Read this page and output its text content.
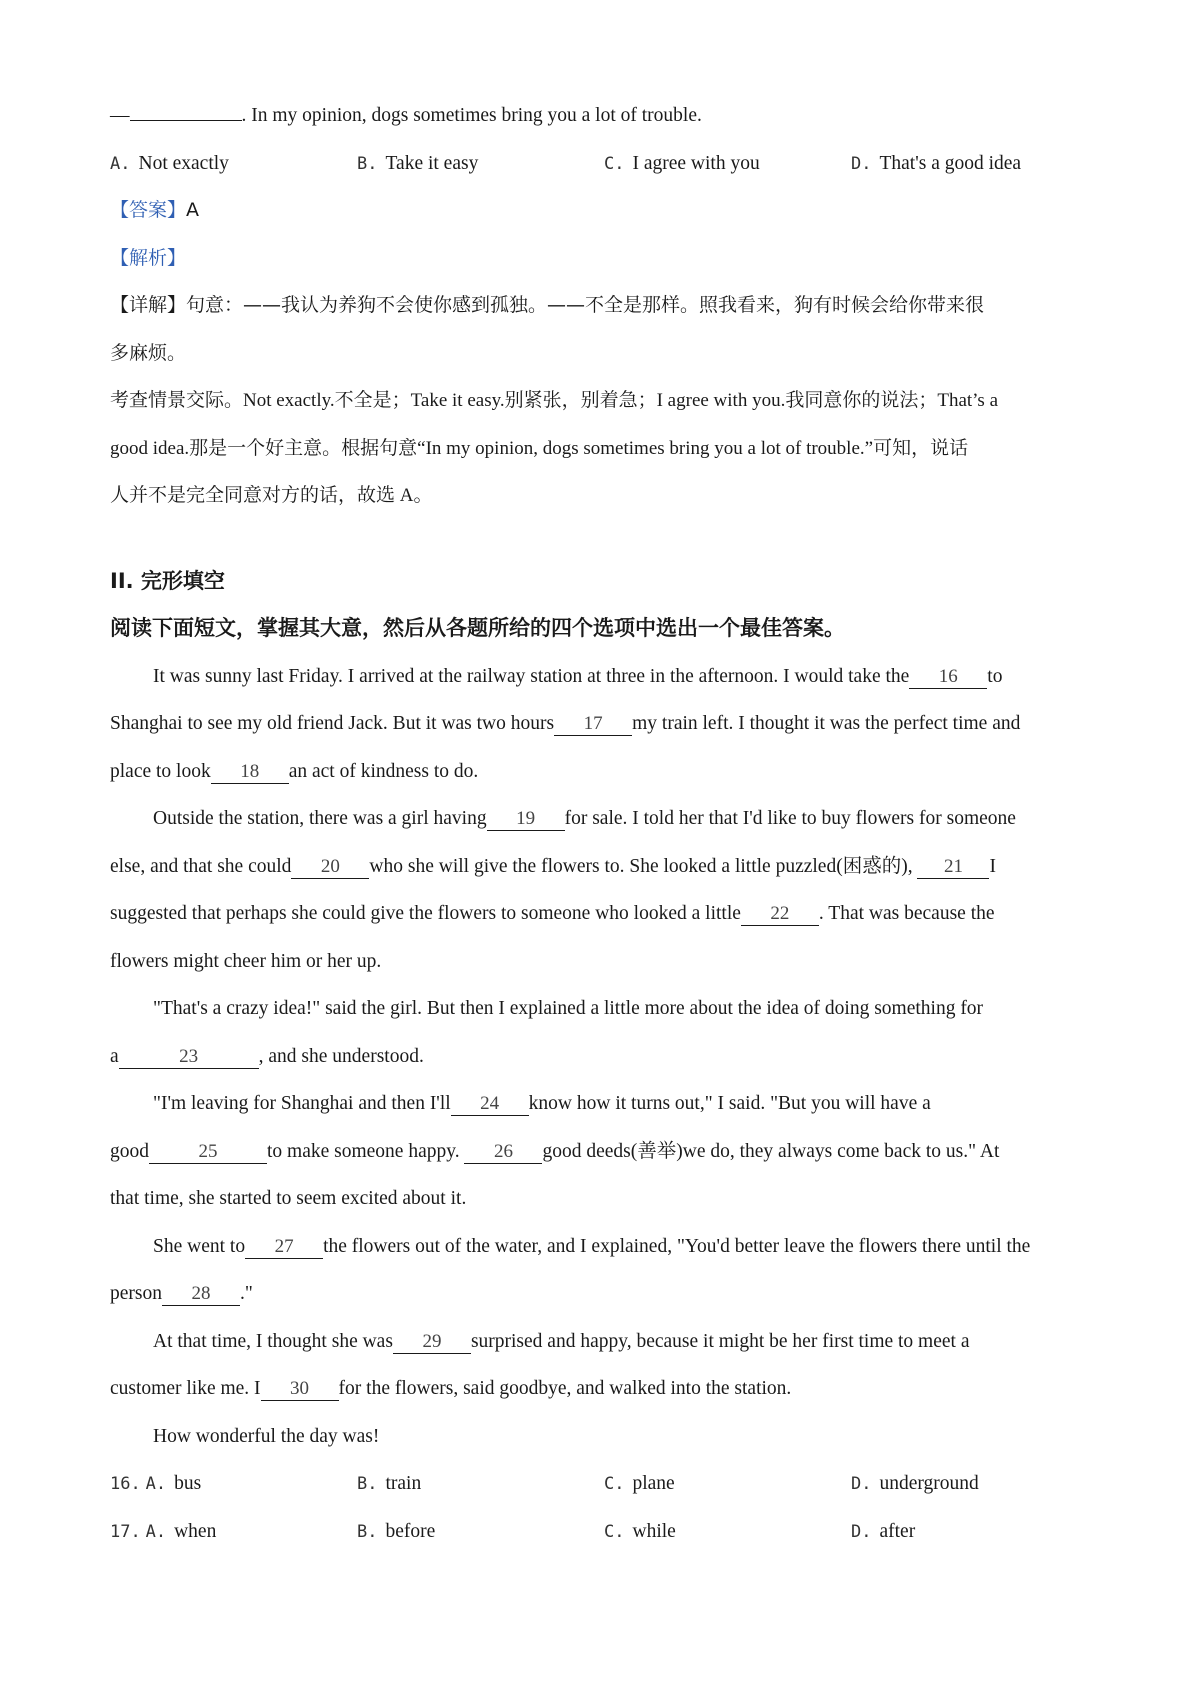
—	. In my opinion, dogs sometimes bring you a lot of trouble.
A. Not exactly	B. Take it easy	C. I agree with you	D. That's a good idea
【答案】A
【解析】
【详解】句意：——我认为养狗不会使你感到孤独。——不全是那样。照我看来，狗有时候会给你带来很
多麻烦。
考查情景交际。Not exactly.不全是；Take it easy.别紧张，别着急；I agree with you.我同意你的说法；That’s a
good idea.那是一个好主意。根据句意“In my opinion, dogs sometimes bring you a lot of trouble.”可知，说话
人并不是完全同意对方的话，故选 A。
II. 完形填空
阅读下面短文，掌握其大意，然后从各题所给的四个选项中选出一个最佳答案。
It was sunny last Friday. I arrived at the railway station at three in the afternoon. I would take the 16 to
Shanghai to see my old friend Jack. But it was two hours 17 my train left. I thought it was the perfect time and
place to look 18 an act of kindness to do.
Outside the station, there was a girl having 19 for sale. I told her that I'd like to buy flowers for someone
else, and that she could 20 who she will give the flowers to. She looked a little puzzled(困惑的), 21 I
suggested that perhaps she could give the flowers to someone who looked a little 22 . That was because the
flowers might cheer him or her up.
"That's a crazy idea!" said the girl. But then I explained a little more about the idea of doing something for
a	23	, and she understood.
"I'm leaving for Shanghai and then I'll 24 know how it turns out," I said. "But you will have a
good	25	to make someone happy. 26 good deeds(善举)we do, they always come back to us." At
that time, she started to seem excited about it.
She went to 27 the flowers out of the water, and I explained, "You'd better leave the flowers there until the
person 28 ."
At that time, I thought she was 29 surprised and happy, because it might be her first time to meet a
customer like me. I 30 for the flowers, said goodbye, and walked into the station.
How wonderful the day was!
16. A. bus	B. train	C. plane	D. underground
17. A. when	B. before	C. while	D. after
